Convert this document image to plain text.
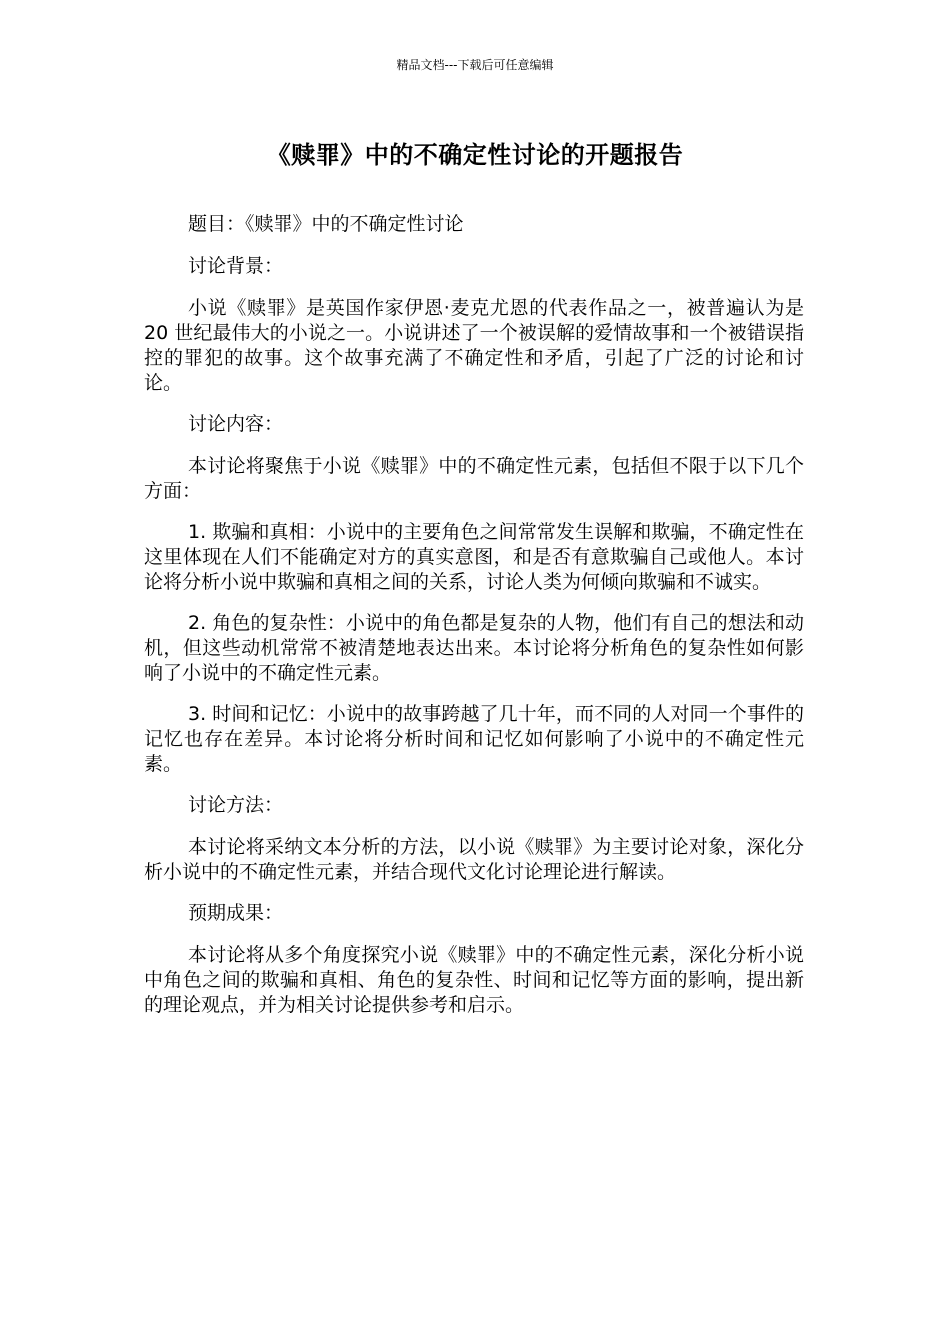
精品文档---下载后可任意编辑
《赎罪》中的不确定性讨论的开题报告

题目：《赎罪》中的不确定性讨论

讨论背景：

小说《赎罪》是英国作家伊恩·麦克尤恩的代表作品之一，被普遍认为是 20 世纪最伟大的小说之一。小说讲述了一个被误解的爱情故事和一个被错误指控的罪犯的故事。这个故事充满了不确定性和矛盾，引起了广泛的讨论和讨论。

讨论内容：

本讨论将聚焦于小说《赎罪》中的不确定性元素，包括但不限于以下几个方面：

1. 欺骗和真相：小说中的主要角色之间常常发生误解和欺骗，不确定性在这里体现在人们不能确定对方的真实意图，和是否有意欺骗自己或他人。本讨论将分析小说中欺骗和真相之间的关系，讨论人类为何倾向欺骗和不诚实。

2. 角色的复杂性：小说中的角色都是复杂的人物，他们有自己的想法和动机，但这些动机常常不被清楚地表达出来。本讨论将分析角色的复杂性如何影响了小说中的不确定性元素。

3. 时间和记忆：小说中的故事跨越了几十年，而不同的人对同一个事件的记忆也存在差异。本讨论将分析时间和记忆如何影响了小说中的不确定性元素。

讨论方法：

本讨论将采纳文本分析的方法，以小说《赎罪》为主要讨论对象，深化分析小说中的不确定性元素，并结合现代文化讨论理论进行解读。

预期成果：

本讨论将从多个角度探究小说《赎罪》中的不确定性元素，深化分析小说中角色之间的欺骗和真相、角色的复杂性、时间和记忆等方面的影响，提出新的理论观点，并为相关讨论提供参考和启示。
